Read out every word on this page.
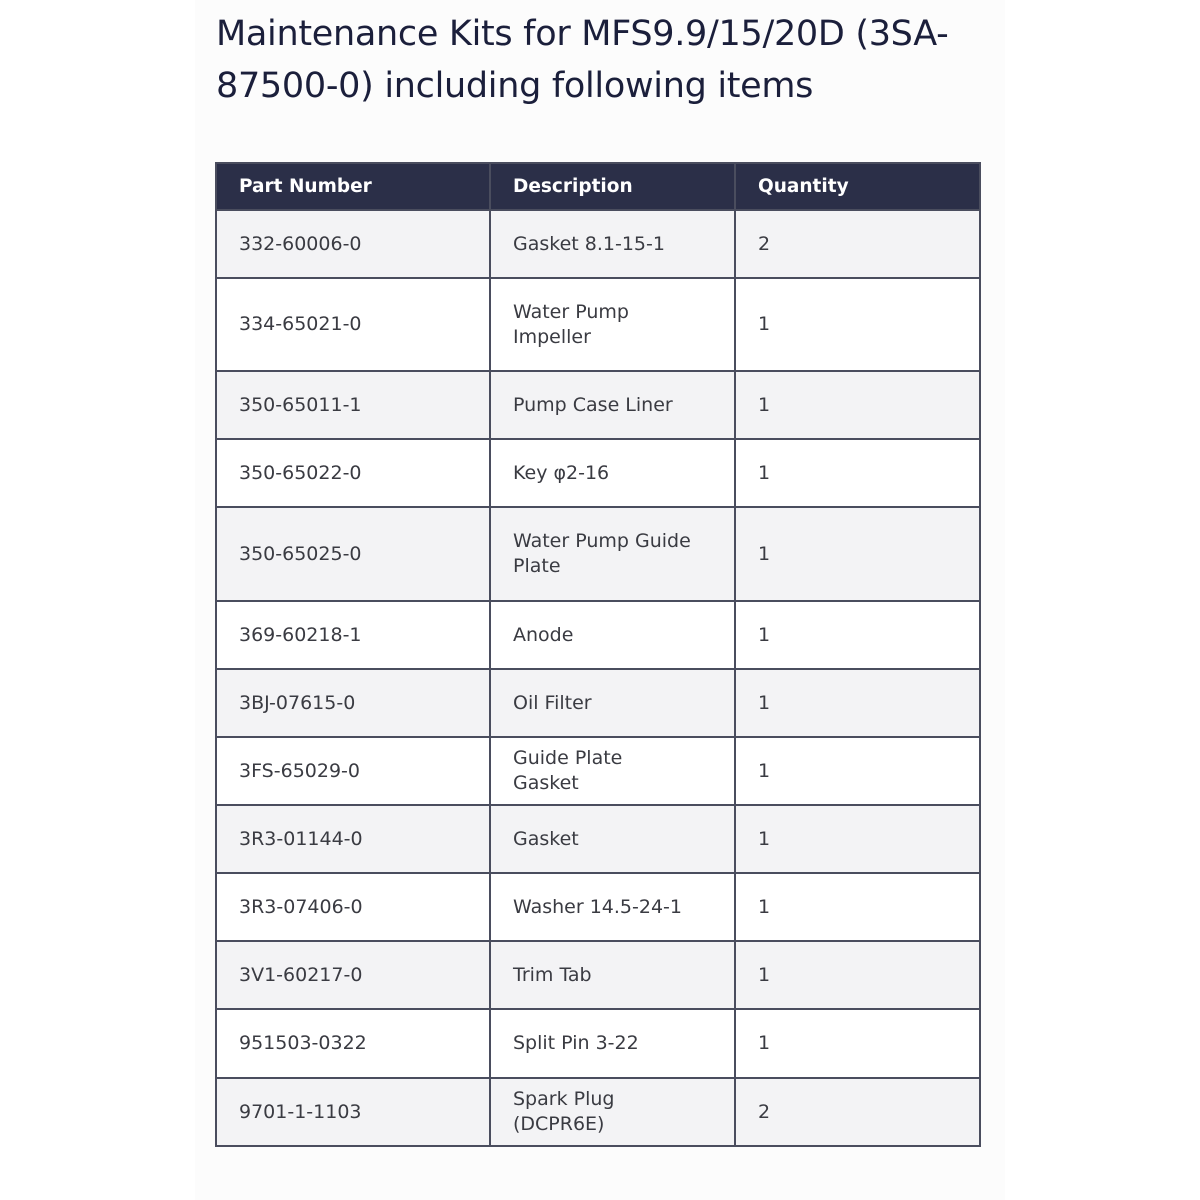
Maintenance Kits for MFS9.9/15/20D (3SA-87500-0) including following items
Part Number	Description	Quantity
332-60006-0	Gasket 8.1-15-1	2
334-65021-0	Water Pump Impeller	1
350-65011-1	Pump Case Liner	1
350-65022-0	Key φ2-16	1
350-65025-0	Water Pump Guide Plate	1
369-60218-1	Anode	1
3BJ-07615-0	Oil Filter	1
3FS-65029-0	Guide Plate Gasket	1
3R3-01144-0	Gasket	1
3R3-07406-0	Washer 14.5-24-1	1
3V1-60217-0	Trim Tab	1
951503-0322	Split Pin 3-22	1
9701-1-1103	Spark Plug (DCPR6E)	2
